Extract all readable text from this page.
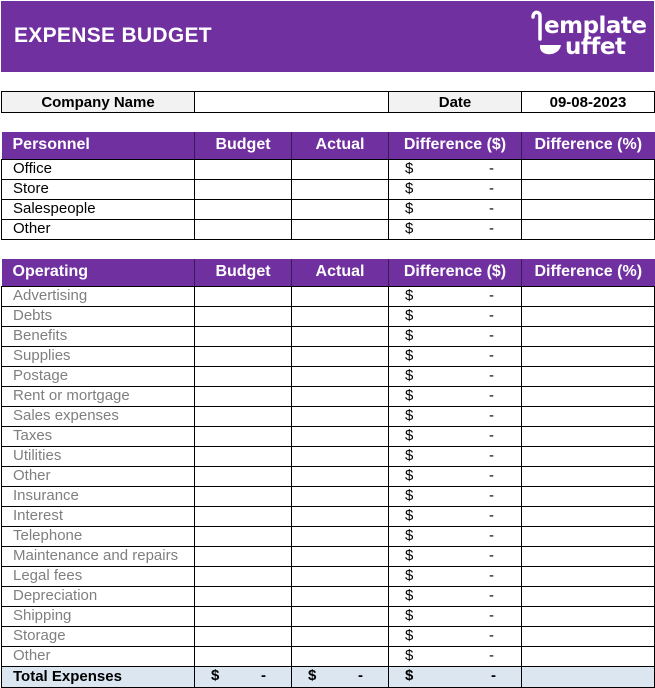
EXPENSE BUDGET	emplate
uffet
Company Name		Date	09-08-2023
Personnel	Budget	Actual	Difference ($)	Difference (%)
Office			$ -	

Store			$ -	

Salespeople			$ -	

Other			$ -	

Operating	Budget	Actual	Difference ($)	Difference (%)
Advertising			$ -	

Debts			$ -	

Benefits			$ -	

Supplies			$ -	

Postage			$ -	

Rent or mortgage			$ -	

Sales expenses			$ -	

Taxes			$ -	

Utilities			$ -	

Other			$ -	

Insurance			$ -	

Interest			$ -	

Telephone			$ -	

Maintenance and repairs			$ -	

Legal fees			$ -	

Depreciation			$ -	

Shipping			$ -	

Storage			$ -	

Other			$ -	

Total Expenses	$ -	$ -	$ -	
